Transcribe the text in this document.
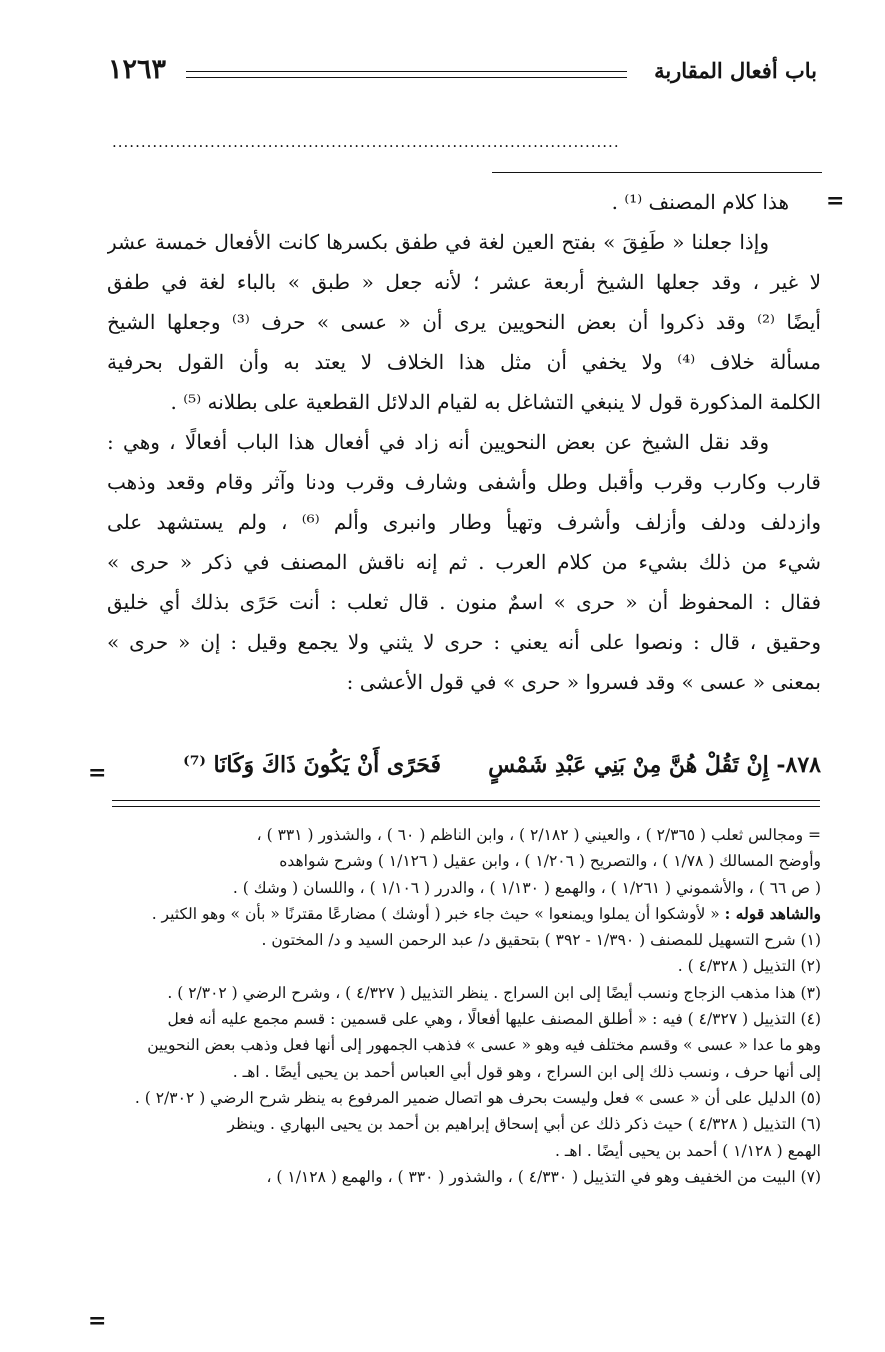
باب أفعال المقاربة
١٢٦٣
........................................................................................
=
هذا كلام المصنف ⁽¹⁾ .
وإذا جعلنا « طَفِقَ » بفتح العين لغة في طفق بكسرها كانت الأفعال خمسة عشر
لا غير ، وقد جعلها الشيخ أربعة عشر ؛ لأنه جعل « طبق » بالباء لغة في طفق
أيضًا ⁽²⁾ وقد ذكروا أن بعض النحويين يرى أن « عسى » حرف ⁽³⁾ وجعلها الشيخ
مسألة خلاف ⁽⁴⁾ ولا يخفي أن مثل هذا الخلاف لا يعتد به وأن القول بحرفية
الكلمة المذكورة قول لا ينبغي التشاغل به لقيام الدلائل القطعية على بطلانه ⁽⁵⁾ .
وقد نقل الشيخ عن بعض النحويين أنه زاد في أفعال هذا الباب أفعالًا ، وهي :
قارب وكارب وقرب وأقبل وطل وأشفى وشارف وقرب ودنا وآثر وقام وقعد وذهب
وازدلف ودلف وأزلف وأشرف وتهيأ وطار وانبرى وألم ⁽⁶⁾ ، ولم يستشهد على
شيء من ذلك بشيء من كلام العرب . ثم إنه ناقش المصنف في ذكر « حرى »
فقال : المحفوظ أن « حرى » اسمٌ منون . قال ثعلب : أنت حَرًى بذلك أي خليق
وحقيق ، قال : ونصوا على أنه يعني : حرى لا يثني ولا يجمع وقيل : إن « حرى »
بمعنى « عسى » وقد فسروا « حرى » في قول الأعشى :
٨٧٨- إِنْ تَقُلْ هُنَّ مِنْ بَنِي عَبْدِ شَمْسٍ
فَحَرًى أَنْ يَكُونَ ذَاكَ وَكَانَا ⁽⁷⁾
=
= ومجالس ثعلب ( ٢/٣٦٥ ) ، والعيني ( ٢/١٨٢ ) ، وابن الناظم ( ٦٠ ) ، والشذور ( ٣٣١ ) ،
وأوضح المسالك ( ١/٧٨ ) ، والتصريح ( ١/٢٠٦ ) ، وابن عقيل ( ١/١٢٦ ) وشرح شواهده
( ص ٦٦ ) ، والأشموني ( ١/٢٦١ ) ، والهمع ( ١/١٣٠ ) ، والدرر ( ١/١٠٦ ) ، واللسان ( وشك ) .
والشاهد قوله : « لأوشكوا أن يملوا ويمنعوا » حيث جاء خبر ( أوشك ) مضارعًا مقترنًا « بأن » وهو الكثير .
(١) شرح التسهيل للمصنف ( ١/٣٩٠ - ٣٩٢ ) بتحقيق د/ عبد الرحمن السيد و د/ المختون .
(٢) التذييل ( ٤/٣٢٨ ) .
(٣) هذا مذهب الزجاج ونسب أيضًا إلى ابن السراج . ينظر التذييل ( ٤/٣٢٧ ) ، وشرح الرضي ( ٢/٣٠٢ ) .
(٤) التذييل ( ٤/٣٢٧ ) فيه : « أطلق المصنف عليها أفعالًا ، وهي على قسمين : قسم مجمع عليه أنه فعل
وهو ما عدا « عسى » وقسم مختلف فيه وهو « عسى » فذهب الجمهور إلى أنها فعل وذهب بعض النحويين
إلى أنها حرف ، ونسب ذلك إلى ابن السراج ، وهو قول أبي العباس أحمد بن يحيى أيضًا . اهـ .
(٥) الدليل على أن « عسى » فعل وليست بحرف هو اتصال ضمير المرفوع به ينظر شرح الرضي ( ٢/٣٠٢ ) .
(٦) التذييل ( ٤/٣٢٨ ) حيث ذكر ذلك عن أبي إسحاق إبراهيم بن أحمد بن يحيى البهاري . وينظر
الهمع ( ١/١٢٨ ) أحمد بن يحيى أيضًا . اهـ .
(٧) البيت من الخفيف وهو في التذييل ( ٤/٣٣٠ ) ، والشذور ( ٣٣٠ ) ، والهمع ( ١/١٢٨ ) ،
=
